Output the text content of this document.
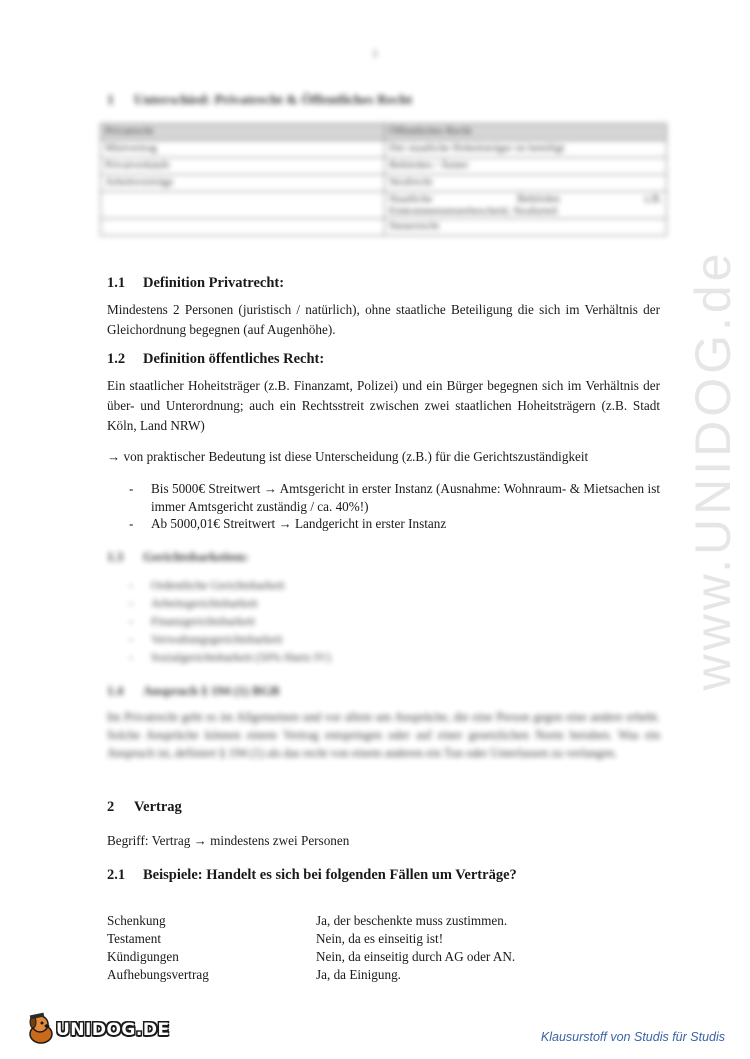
www.UNIDOG.de
1
1 Unterschied: Privatrecht & Öffentliches Recht
Privatrecht	Öffentliches Recht
Mietvertrag	Der staatliche Hoheitsträger ist beteiligt
Privatverkäufe	Behörden / Ämter
Arbeitsverträge	Strafrecht

	Staatliche Behörden z.B.
Einkommensteuerbescheid, Strafurteil

	Steuerrecht
1.1 Definition Privatrecht:

Mindestens 2 Personen (juristisch / natürlich), ohne staatliche Beteiligung die sich im Verhältnis der Gleichordnung begegnen (auf Augenhöhe).

1.2 Definition öffentliches Recht:

Ein staatlicher Hoheitsträger (z.B. Finanzamt, Polizei) und ein Bürger begegnen sich im Verhältnis der über- und Unterordnung; auch ein Rechtsstreit zwischen zwei staatlichen Hoheitsträgern (z.B. Stadt Köln, Land NRW)

→ von praktischer Bedeutung ist diese Unterscheidung (z.B.) für die Gerichtszuständigkeit

- Bis 5000€ Streitwert → Amtsgericht in erster Instanz (Ausnahme: Wohnraum- & Mietsachen ist immer Amtsgericht zuständig / ca. 40%!)
- Ab 5000,01€ Streitwert → Landgericht in erster Instanz
1.3 Gerichtsbarkeiten:
- Ordentliche Gerichtsbarkeit
- Arbeitsgerichtsbarkeit
- Finanzgerichtsbarkeit
- Verwaltungsgerichtsbarkeit
- Sozialgerichtsbarkeit (50% Hartz IV)
1.4 Anspruch § 194 (1) BGB

Im Privatrecht geht es im Allgemeinen und vor allem um Ansprüche, die eine Person gegen eine andere erhebt. Solche Ansprüche können einem Vertrag entspringen oder auf einer gesetzlichen Norm beruhen. Was ein Anspruch ist, definiert § 194 (1) als das recht von einem anderen ein Tun oder Unterlassen zu verlangen.

2 Vertrag

Begriff: Vertrag → mindestens zwei Personen

2.1 Beispiele: Handelt es sich bei folgenden Fällen um Verträge?
Schenkung	Ja, der beschenkte muss zustimmen.
Testament	Nein, da es einseitig ist!
Kündigungen	Nein, da einseitig durch AG oder AN.
Aufhebungsvertrag	Ja, da Einigung.
UNIDOG.DE	Klausurstoff von Studis für Studis
